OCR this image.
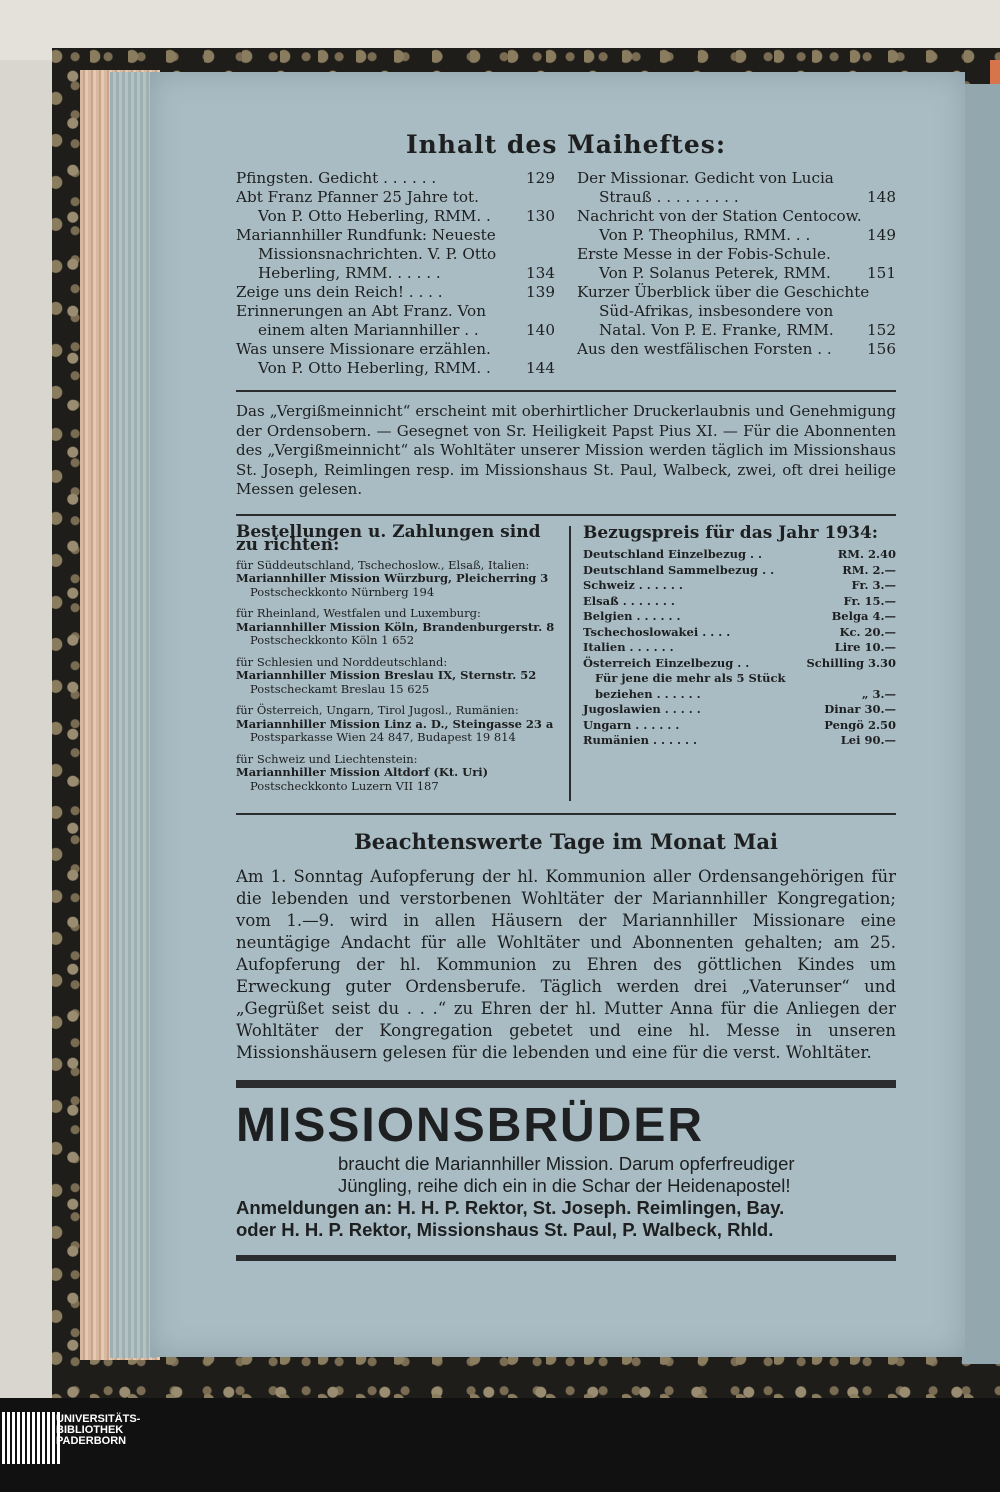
Inhalt des Maiheftes:
Pfingsten. Gedicht . . . . . .	129
Abt Franz Pfanner 25 Jahre tot.
Von P. Otto Heberling, RMM. . 130
Mariannhiller Rundfunk: Neueste
Missionsnachrichten. V. P. Otto
Heberling, RMM. . . . . .	134
Zeige uns dein Reich! . . . .	139
Erinnerungen an Abt Franz. Von
einem alten Mariannhiller . .	140
Was unsere Missionare erzählen.
Von P. Otto Heberling, RMM. . 144
Der Missionar. Gedicht von Lucia
Strauß . . . . . . . . .	148
Nachricht von der Station Centocow.
Von P. Theophilus, RMM. . .	149
Erste Messe in der Fobis-Schule.
Von P. Solanus Peterek, RMM. 151
Kurzer Überblick über die Geschichte
Süd-Afrikas, insbesondere von
Natal. Von P. E. Franke, RMM. 152
Aus den westfälischen Forsten . . 156
Das „Vergißmeinnicht“ erscheint mit oberhirtlicher Druckerlaubnis und Genehmigung der Ordensobern. — Gesegnet von Sr. Heiligkeit Papst Pius XI. — Für die Abonnenten des „Vergißmeinnicht“ als Wohltäter unserer Mission werden täglich im Missionshaus St. Joseph, Reimlingen resp. im Missionshaus St. Paul, Walbeck, zwei, oft drei heilige Messen gelesen.
Bestellungen u. Zahlungen sind zu richten:
für Süddeutschland, Tschechoslow., Elsaß, Italien:
Mariannhiller Mission Würzburg, Pleicherring 3
Postscheckkonto Nürnberg 194
für Rheinland, Westfalen und Luxemburg:
Mariannhiller Mission Köln, Brandenburgerstr. 8
Postscheckkonto Köln 1 652
für Schlesien und Norddeutschland:
Mariannhiller Mission Breslau IX, Sternstr. 52
Postscheckamt Breslau 15 625
für Österreich, Ungarn, Tirol Jugosl., Rumänien:
Mariannhiller Mission Linz a. D., Steingasse 23 a
Postsparkasse Wien 24 847, Budapest 19 814
für Schweiz und Liechtenstein:
Mariannhiller Mission Altdorf (Kt. Uri)
Postscheckkonto Luzern VII 187
Bezugspreis für das Jahr 1934:
Deutschland Einzelbezug . .	RM. 2.40
Deutschland Sammelbezug . .	RM. 2.—
Schweiz . . . . . .	Fr. 3.—
Elsaß . . . . . . .	Fr. 15.—
Belgien . . . . . .	Belga 4.—
Tschechoslowakei . . . .	Kc. 20.—
Italien . . . . . .	Lire 10.—
Österreich Einzelbezug . .	Schilling 3.30
Für jene die mehr als 5 Stück
beziehen . . . . . .	„ 3.—
Jugoslawien . . . . .	Dinar 30.—
Ungarn . . . . . .	Pengö 2.50
Rumänien . . . . . .	Lei 90.—
Beachtenswerte Tage im Monat Mai
Am 1. Sonntag Aufopferung der hl. Kommunion aller Ordensangehörigen für die lebenden und verstorbenen Wohltäter der Mariannhiller Kongregation; vom 1.—9. wird in allen Häusern der Mariannhiller Missionare eine neuntägige Andacht für alle Wohltäter und Abonnenten gehalten; am 25. Aufopferung der hl. Kommunion zu Ehren des göttlichen Kindes um Erweckung guter Ordensberufe. Täglich werden drei „Vaterunser“ und „Gegrüßet seist du . . .“ zu Ehren der hl. Mutter Anna für die Anliegen der Wohltäter der Kongregation gebetet und eine hl. Messe in unseren Missionshäusern gelesen für die lebenden und eine für die verst. Wohltäter.
MISSIONSBRÜDER
braucht die Mariannhiller Mission. Darum opferfreudiger
Jüngling, reihe dich ein in die Schar der Heidenapostel!
Anmeldungen an: H. H. P. Rektor, St. Joseph. Reimlingen, Bay.
oder H. H. P. Rektor, Missionshaus St. Paul, P. Walbeck, Rhld.
UNIVERSITÄTS-
BIBLIOTHEK
PADERBORN
